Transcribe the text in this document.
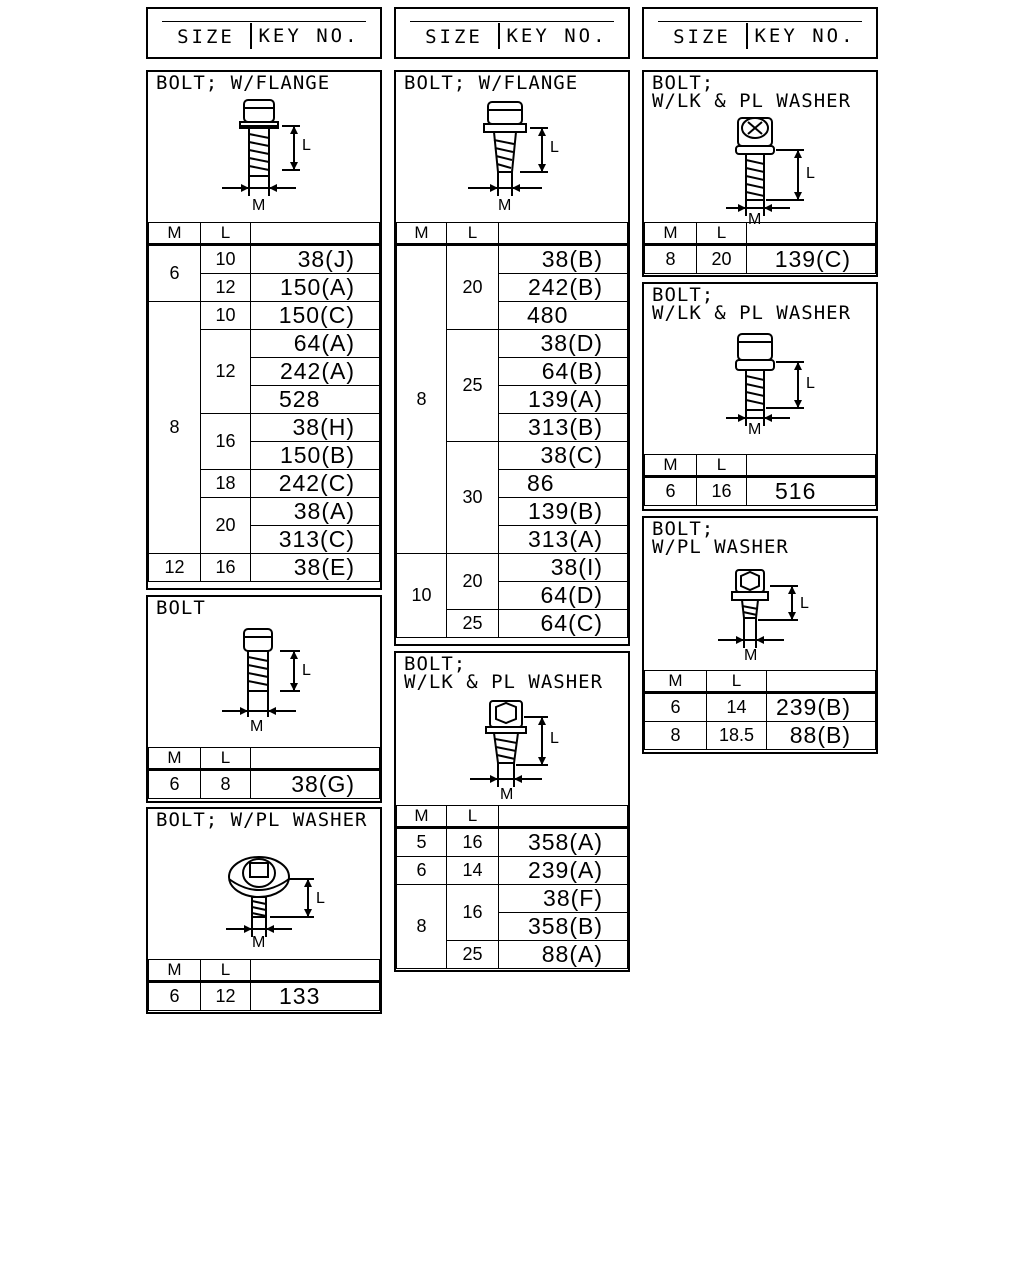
SIZE	KEY NO.	SIZE	KEY NO.	SIZE	KEY NO.
BOLT; W/FLANGE
L
M
M	L	
6	10	38(J)
	12	150(A)
8	10	150(C)
	12	64(A)
		242(A)
		528
	16	38(H)
		150(B)
	18	242(C)
	20	38(A)
		313(C)
12	16	38(E)
BOLT
L
M
M	L	
6	8	38(G)
BOLT; W/PL WASHER
L
M
M	L	
6	12	133
BOLT; W/FLANGE
L
M
M	L	
8	20	38(B)
		242(B)
		480
	25	38(D)
		64(B)
		139(A)
		313(B)
	30	38(C)
		86
		139(B)
		313(A)
10	20	38(I)
		64(D)
	25	64(C)
BOLT;
W/LK & PL WASHER
L
M
M	L	
5	16	358(A)
6	14	239(A)
8	16	38(F)
		358(B)
	25	88(A)
BOLT;
W/LK & PL WASHER
L
M
M	L	
8	20	139(C)
BOLT;
W/LK & PL WASHER
L
M
M	L	
6	16	516
BOLT;
W/PL WASHER
L
M
M	L	
6	14	239(B)
8	18.5	88(B)
